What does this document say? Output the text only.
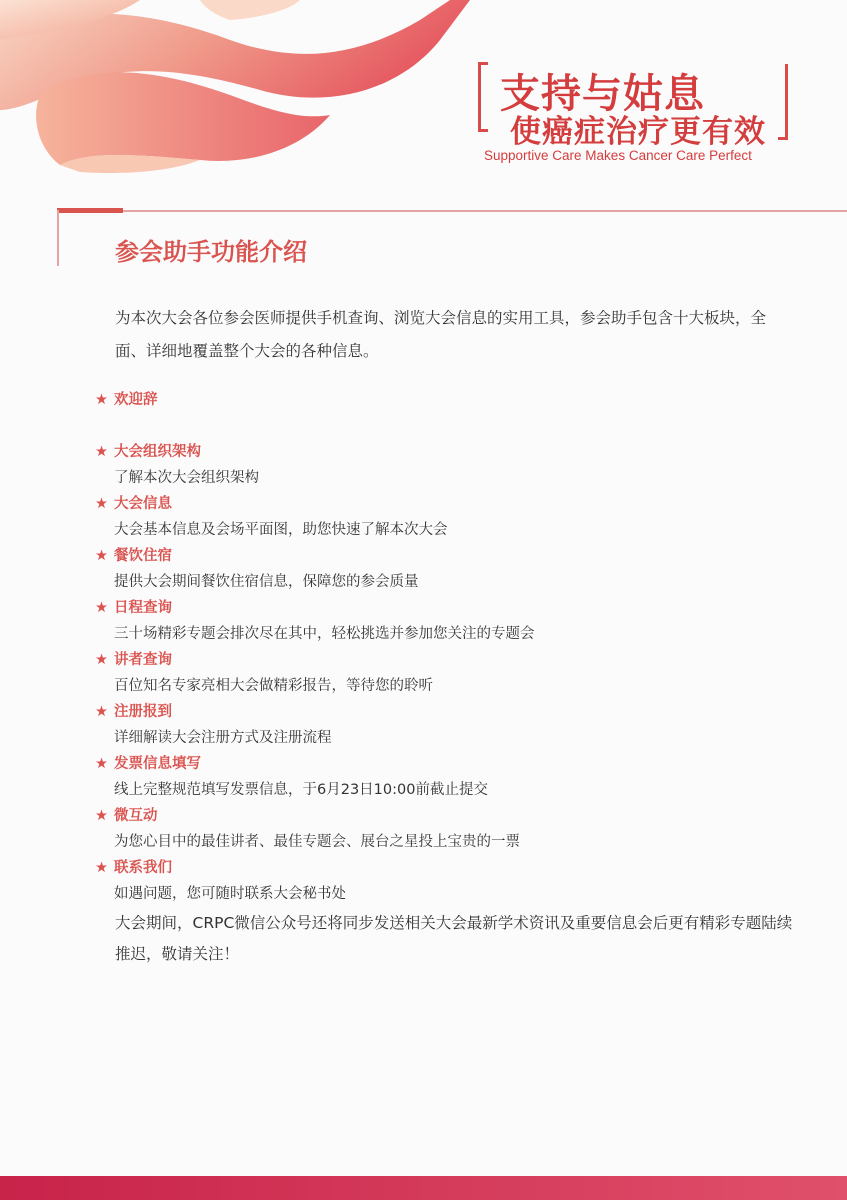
支持与姑息
使癌症治疗更有效
Supportive Care Makes Cancer Care Perfect
参会助手功能介绍
为本次大会各位参会医师提供手机查询、浏览大会信息的实用工具，参会助手包含十大板块，全面、详细地覆盖整个大会的各种信息。
★ 欢迎辞
★ 大会组织架构
了解本次大会组织架构
★ 大会信息
大会基本信息及会场平面图，助您快速了解本次大会
★ 餐饮住宿
提供大会期间餐饮住宿信息，保障您的参会质量
★ 日程查询
三十场精彩专题会排次尽在其中，轻松挑选并参加您关注的专题会
★ 讲者查询
百位知名专家亮相大会做精彩报告，等待您的聆听
★ 注册报到
详细解读大会注册方式及注册流程
★ 发票信息填写
线上完整规范填写发票信息，于6月23日10:00前截止提交
★ 微互动
为您心目中的最佳讲者、最佳专题会、展台之星投上宝贵的一票
★ 联系我们
如遇问题，您可随时联系大会秘书处
大会期间，CRPC微信公众号还将同步发送相关大会最新学术资讯及重要信息会后更有精彩专题陆续推迟，敬请关注！
